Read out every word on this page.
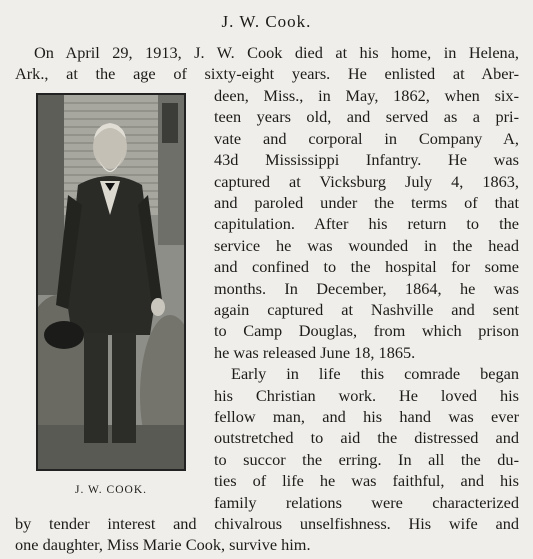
J. W. Cook.
J. W. COOK.
On April 29, 1913, J. W. Cook died at his home, in Helena,
Ark., at the age of sixty-eight years. He enlisted at Aber-
deen, Miss., in May, 1862, when six-
teen years old, and served as a pri-
vate and corporal in Company A,
43d Mississippi Infantry. He was
captured at Vicksburg July 4, 1863,
and paroled under the terms of that
capitulation. After his return to the
service he was wounded in the head
and confined to the hospital for some
months. In December, 1864, he was
again captured at Nashville and sent
to Camp Douglas, from which prison
he was released June 18, 1865.
Early in life this comrade began
his Christian work. He loved his
fellow man, and his hand was ever
outstretched to aid the distressed and
to succor the erring. In all the du-
ties of life he was faithful, and his
family relations were characterized
by tender interest and chivalrous unselfishness. His wife and
one daughter, Miss Marie Cook, survive him.
